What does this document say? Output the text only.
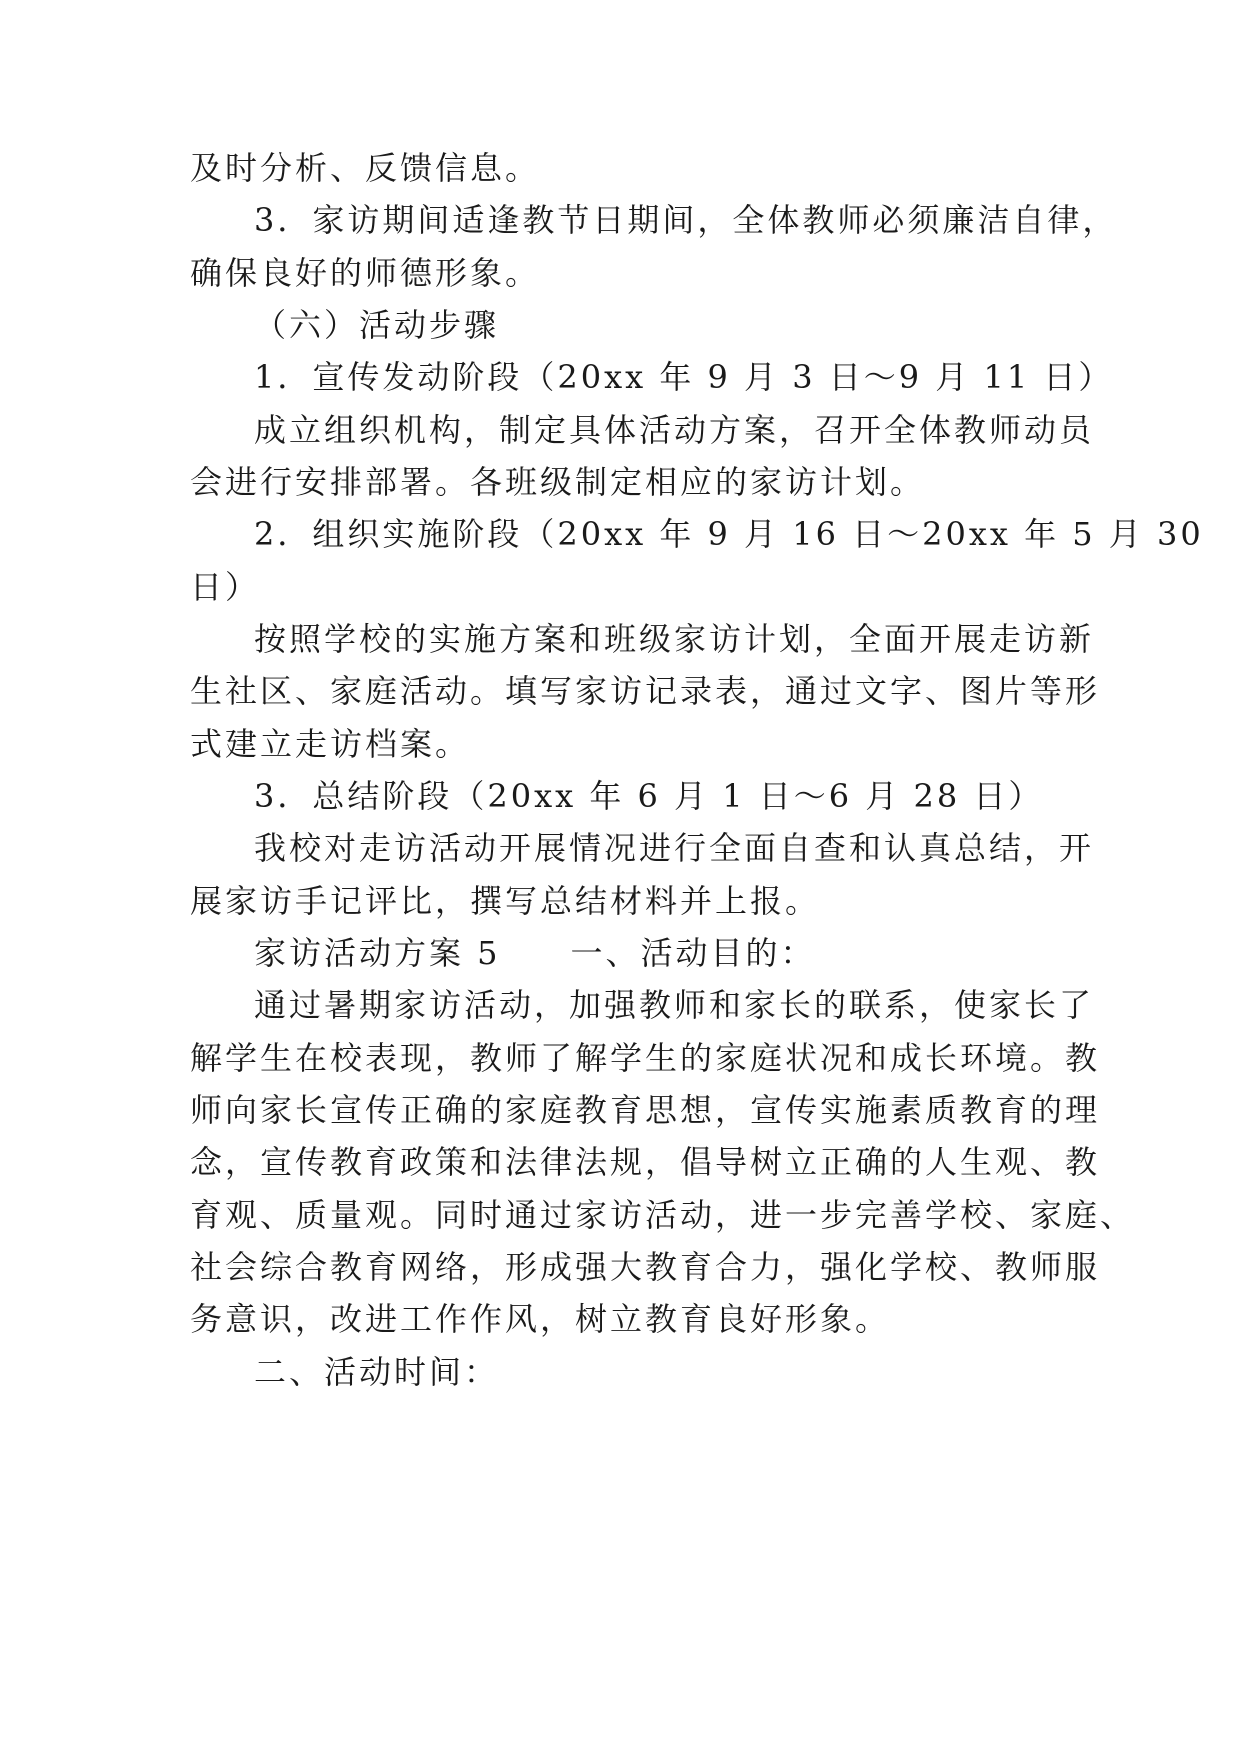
及时分析、反馈信息。
3．家访期间适逢教节日期间，全体教师必须廉洁自律，
确保良好的师德形象。
（六）活动步骤
1．宣传发动阶段（20xx 年 9 月 3 日～9 月 11 日）
成立组织机构，制定具体活动方案，召开全体教师动员
会进行安排部署。各班级制定相应的家访计划。
2．组织实施阶段（20xx 年 9 月 16 日～20xx 年 5 月 30
日）
按照学校的实施方案和班级家访计划，全面开展走访新
生社区、家庭活动。填写家访记录表，通过文字、图片等形
式建立走访档案。
3．总结阶段（20xx 年 6 月 1 日～6 月 28 日）
我校对走访活动开展情况进行全面自查和认真总结，开
展家访手记评比，撰写总结材料并上报。
家访活动方案 5　　一、活动目的：
通过暑期家访活动，加强教师和家长的联系，使家长了
解学生在校表现，教师了解学生的家庭状况和成长环境。教
师向家长宣传正确的家庭教育思想，宣传实施素质教育的理
念，宣传教育政策和法律法规，倡导树立正确的人生观、教
育观、质量观。同时通过家访活动，进一步完善学校、家庭、
社会综合教育网络，形成强大教育合力，强化学校、教师服
务意识，改进工作作风，树立教育良好形象。
二、活动时间：
